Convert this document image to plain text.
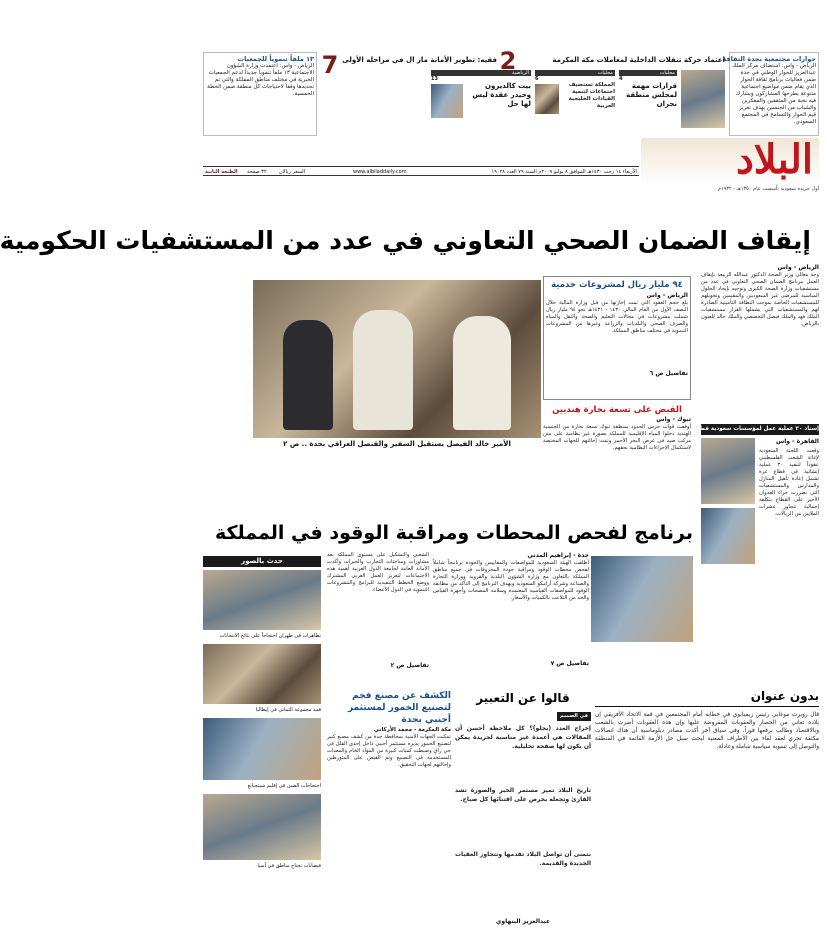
حوارات مجتمعية بجدة الثقافة
الرياض - واس: استضاف مركز الملك عبدالعزيز للحوار الوطني في جدة ضمن فعاليات برنامج ثقافة الحوار الذي يقام ضمن مواضيع اجتماعية متنوعة يطرحها المشاركون ويشارك فيه نخبة من المثقفين والمفكرين والشباب من الجنسين بهدف تعزيز قيم الحوار والتسامح في المجتمع السعودي.
محليات
4
قرارات مهمة لمجلس منطقة نجران
محليات
6
المملكة تستضيف اجتماعات لتنمية القيادات الخليجية العربية
الرياضية
13
بيت كالديرون وحيدر عقدة ليس لها حل
2
فقيه: تطوير الأمانة ماز ال في مراحله الأولى	اعتماد حركة تنقلات الداخلية لمعاملات مكة المكرمة
7
١٣ ملفاً تنموياً للجمعيات
الرياض - واس: اعتمدت وزارة الشؤون الاجتماعية ١٣ ملفاً تنموياً جديداً لدعم الجمعيات الخيرية في مختلف مناطق المملكة والتي تم تحديدها وفقاً لاحتياجات كل منطقة ضمن الخطة الخمسية.
البلاد
أول جريدة سعودية تأسست عام ١٣٥٠هـ - ١٩٣٢م
الأربعاء ١٤ رجب ١٤٣٠هـ الموافق ٨ يوليو ٢٠٠٩م السنة ٧٩ العدد ١٩٠٢٨
www.albiladdaily.com
السعر ريالان
٣٢ صفحة
الطبعة الثانية
إيقاف الضمان الصحي التعاوني في عدد من المستشفيات الحكومية
الرياض - واس
وجه معالي وزير الصحة الدكتور عبدالله الربيعة بإيقاف العمل ببرنامج الضمان الصحي التعاوني في عدد من مستشفيات وزارة الصحة الكبرى وتوجيه بإيجاد الحلول المناسبة للمرضى غير السعوديين والمقيمين وتحويلهم للمستشفيات الخاصة بموجب البطاقة التأمينية الصادرة لهم والمستشفيات التي يشملها القرار مستشفيات الملك فهد والملك فيصل التخصصي والملك خالد للعيون بالرياض.
إسناد ٣٠ عملية عمل لمؤسسات سعودية قطاع غزة
القاهرة - واس
وقعت اللجنة السعودية لإغاثة الشعب الفلسطيني عقوداً لتنفيذ ٣٠ عملية إنشائية في قطاع غزة تشمل إعادة تأهيل المنازل والمدارس والمستشفيات التي تضررت جراء العدوان الأخير على القطاع بتكلفة إجمالية تتجاوز عشرات الملايين من الريالات.
الأمير خالد الفيصل يستقبل السفير والقنصل العراقي بجدة .. ص ٢
٩٤ مليار ريال لمشروعات خدمية
الرياض - واس
بلغ حجم العقود التي تمت إجازتها من قبل وزارة المالية خلال النصف الأول من العام المالي ١٤٣٠ - ١٤٣١هـ نحو ٩٤ مليار ريال شملت مشروعات في مجالات التعليم والصحة والنقل والمياه والصرف الصحي والبلديات والزراعة وغيرها من المشروعات التنموية في مختلف مناطق المملكة.
تفاصيل ص ٦
القبض على تسعة بحارة هنديين
تبوك - واس
أوقفت قوات حرس الحدود بمنطقة تبوك تسعة بحارة من الجنسية الهندية دخلوا المياه الإقليمية للمملكة بصورة غير نظامية على متن مركب صيد في عرض البحر الأحمر وتمت إحالتهم للجهات المختصة لاستكمال الإجراءات النظامية بحقهم.
برنامج لفحص المحطات ومراقبة الوقود في المملكة
جدة - إبراهيم المدني
أطلقت الهيئة السعودية للمواصفات والمقاييس والجودة برنامجاً شاملاً لفحص محطات الوقود ومراقبة جودة المحروقات في جميع مناطق المملكة بالتعاون مع وزارة الشؤون البلدية والقروية ووزارة التجارة والصناعة وشركة أرامكو السعودية ويهدف البرنامج إلى التأكد من مطابقة الوقود للمواصفات القياسية المعتمدة وسلامة المضخات وأجهزة القياس والحد من التلاعب بالكميات والأسعار.
تفاصيل ص ٧
الشعبي والتشكيل على مستوى المملكة بعد مشاورات ومباحثات التجارب والخبرات وأكدت الأمانة العامة لجامعة الدول العربية أهمية هذه الاجتماعات لتعزيز العمل العربي المشترك ووضع الخطط التنفيذية للبرامج والمشروعات التنموية في الدول الأعضاء.
تفاصيل ص ٢
حدث بالصور
تظاهرات في طهران احتجاجاً على نتائج الانتخابات
قمة مجموعة الثماني في إيطاليا
احتجاجات الصين في إقليم شينجيانغ
فيضانات تجتاح مناطق في آسيا
الكشف عن مصنع فخم لتصنيع الخمور لمستثمر أجنبي بجدة
مكة المكرمة - محمد الأركاني
تمكنت الجهات الأمنية بمحافظة جدة من كشف مصنع كبير لتصنيع الخمور يديره مستثمر أجنبي داخل إحدى الفلل في حي راقٍ وضبطت كميات كبيرة من المواد الخام والمعدات المستخدمة في التصنيع وتم القبض على المتورطين وإحالتهم لجهات التحقيق.
قالوا عن التعبير
في الصميم
إخراج العدد (يجلو)؟ كل ملاحظة أحسن أن المقالات هي أعمدة غير مناسبة لجريدة يمكن أن يكون لها صفحة تحليلية.
تاريخ البلاد تميز مستمر الخبر والصورة تشد القارئ وتجعله يحرص على اقتنائها كل صباح.
نتمنى أن تواصل البلاد تقدمها وتتجاوز العقبات الجديدة والقديمة.
عبدالعزيز البنهاوي
بدون عنوان
قال روبرت موغابي رئيس زيمبابوي في خطابه أمام المجتمعين في قمة الاتحاد الأفريقي إن بلاده تعاني من الحصار والعقوبات المفروضة عليها وإن هذه العقوبات أضرت بالشعب وبالاقتصاد وطالب برفعها فوراً. وفي سياق آخر أكدت مصادر دبلوماسية أن هناك اتصالات مكثفة تجري لعقد لقاء بين الأطراف المعنية لبحث سبل حل الأزمة القائمة في المنطقة والتوصل إلى تسوية سياسية شاملة وعادلة.
